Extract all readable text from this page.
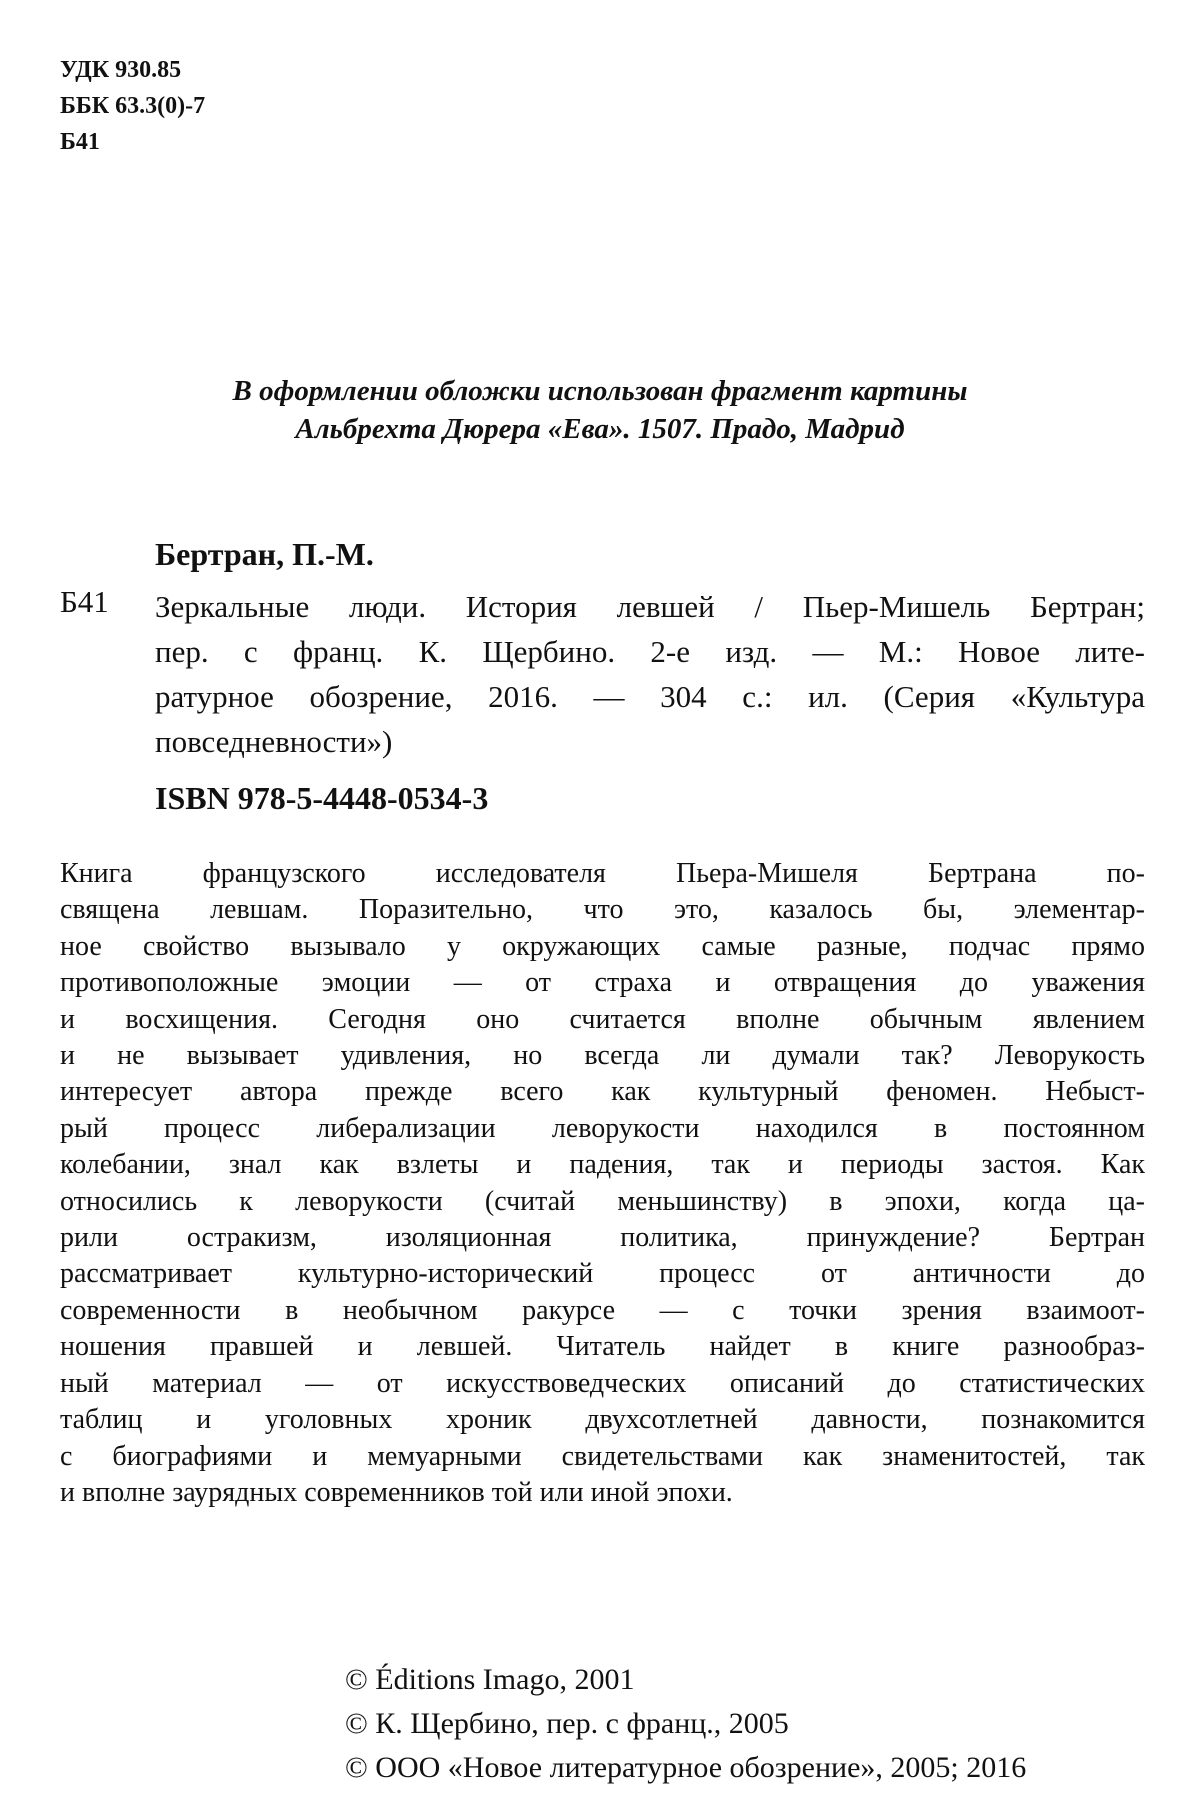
УДК 930.85
ББК 63.3(0)-7
Б41
В оформлении обложки использован фрагмент картины
Альбрехта Дюрера «Ева». 1507. Прадо, Мадрид
Бертран, П.-М.
Б41 Зеркальные люди. История левшей / Пьер-Мишель Бертран;
пер. с франц. К. Щербино. 2-е изд. — М.: Новое лите-
ратурное обозрение, 2016. — 304 с.: ил. (Серия «Культура
повседневности»)
ISBN 978-5-4448-0534-3
Книга французского исследователя Пьера-Мишеля Бертрана по-
священа левшам. Поразительно, что это, казалось бы, элементар-
ное свойство вызывало у окружающих самые разные, подчас прямо
противоположные эмоции — от страха и отвращения до уважения
и восхищения. Сегодня оно считается вполне обычным явлением
и не вызывает удивления, но всегда ли думали так? Леворукость
интересует автора прежде всего как культурный феномен. Небыст-
рый процесс либерализации леворукости находился в постоянном
колебании, знал как взлеты и падения, так и периоды застоя. Как
относились к леворукости (считай меньшинству) в эпохи, когда ца-
рили остракизм, изоляционная политика, принуждение? Бертран
рассматривает культурно-исторический процесс от античности до
современности в необычном ракурсе — с точки зрения взаимоот-
ношения правшей и левшей. Читатель найдет в книге разнообраз-
ный материал — от искусствоведческих описаний до статистических
таблиц и уголовных хроник двухсотлетней давности, познакомится
с биографиями и мемуарными свидетельствами как знаменитостей, так
и вполне заурядных современников той или иной эпохи.
© Éditions Imago, 2001
© К. Щербино, пер. с франц., 2005
© ООО «Новое литературное обозрение», 2005; 2016
